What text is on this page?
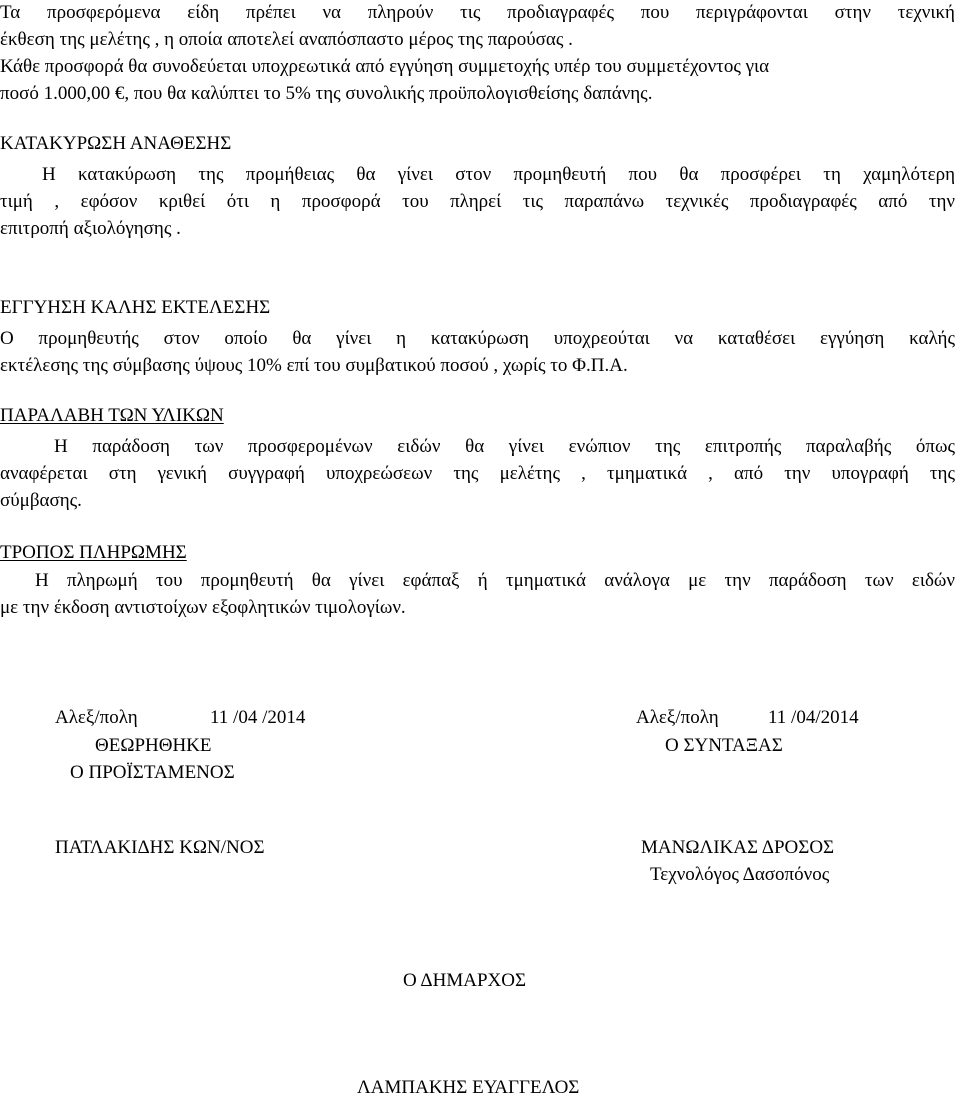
Τα προσφερόμενα είδη πρέπει να πληρούν τις προδιαγραφές που περιγράφονται στην τεχνική
έκθεση της μελέτης , η οποία αποτελεί αναπόσπαστο μέρος της παρούσας .
Κάθε προσφορά θα συνοδεύεται υποχρεωτικά από εγγύηση συμμετοχής υπέρ του συμμετέχοντος για
ποσό 1.000,00 €, που θα καλύπτει το 5% της συνολικής προϋπολογισθείσης δαπάνης.
ΚΑΤΑΚΥΡΩΣΗ ΑΝΑΘΕΣΗΣ
Η κατακύρωση της προμήθειας θα γίνει στον προμηθευτή που θα προσφέρει τη χαμηλότερη
τιμή , εφόσον κριθεί ότι η προσφορά του πληρεί τις παραπάνω τεχνικές προδιαγραφές από την
επιτροπή αξιολόγησης .
ΕΓΓΥΗΣΗ ΚΑΛΗΣ ΕΚΤΕΛΕΣΗΣ
Ο προμηθευτής στον οποίο θα γίνει η κατακύρωση υποχρεούται να καταθέσει εγγύηση καλής
εκτέλεσης της σύμβασης ύψους 10% επί του συμβατικού ποσού , χωρίς το Φ.Π.Α.
ΠΑΡΑΛΑΒΗ ΤΩΝ ΥΛΙΚΩΝ
Η παράδοση των προσφερομένων ειδών θα γίνει ενώπιον της επιτροπής παραλαβής όπως
αναφέρεται στη γενική συγγραφή υποχρεώσεων της μελέτης , τμηματικά , από την υπογραφή της
σύμβασης.
ΤΡΟΠΟΣ ΠΛΗΡΩΜΗΣ
Η πληρωμή του προμηθευτή θα γίνει εφάπαξ ή τμηματικά ανάλογα με την παράδοση των ειδών
με την έκδοση αντιστοίχων εξοφλητικών τιμολογίων.
Αλεξ/πολη	11 /04 /2014
ΘΕΩΡΗΘΗΚΕ
Ο ΠΡΟΪΣΤΑΜΕΝΟΣ
ΠΑΤΛΑΚΙΔΗΣ ΚΩΝ/ΝΟΣ
Αλεξ/πολη	11 /04/2014
Ο ΣΥΝΤΑΞΑΣ
ΜΑΝΩΛΙΚΑΣ ΔΡΟΣΟΣ
Τεχνολόγος Δασοπόνος
Ο ΔΗΜΑΡΧΟΣ
ΛΑΜΠΑΚΗΣ ΕΥΑΓΓΕΛΟΣ
